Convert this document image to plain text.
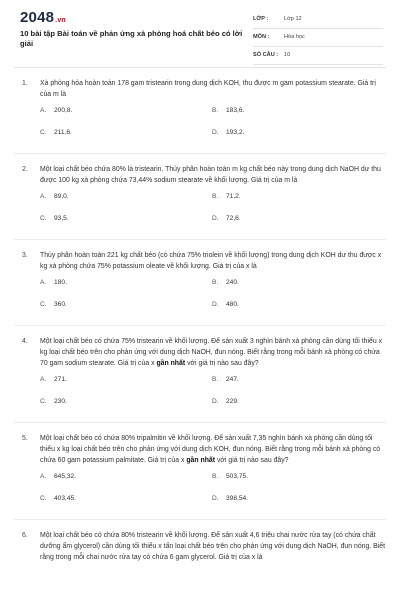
2048.vn
10 bài tập Bài toán về phản ứng xà phòng hoá chất béo có lời giải
LỚP :	Lớp 12
MÔN :	Hóa học
SỐ CÂU : 10
1. Xà phòng hóa hoàn toàn 178 gam tristearin trong dung dịch KOH, thu được m gam potassium stearate. Giá trị của m là
A. 200,8.	B. 183,6.
C. 211,6.	D. 193,2.
2. Một loại chất béo chứa 80% là tristearin. Thủy phân hoàn toàn m kg chất béo này trong dung dịch NaOH dư thu được 100 kg xà phòng chứa 73,44% sodium stearate về khối lượng. Giá trị của m là
A. 89,0.	B. 71,2.
C. 93,5.	D. 72,6.
3. Thủy phân hoàn toàn 221 kg chất béo (có chứa 75% triolein về khối lượng) trong dung dịch KOH dư thu được x kg xà phòng chứa 75% potassium oleate về khối lượng. Giá trị của x là
A. 180.	B. 240.
C. 360.	D. 480.
4. Một loại chất béo có chứa 75% tristearin về khối lượng. Để sản xuất 3 nghìn bánh xà phòng cần dùng tối thiểu x kg loại chất béo trên cho phản ứng với dung dịch NaOH, đun nóng. Biết rằng trong mỗi bánh xà phòng có chứa 70 gam sodium stearate. Giá trị của x gần nhất với giá trị nào sau đây?
A. 271.	B. 247.
C. 230.	D. 229.
5. Một loại chất béo có chứa 80% tripalmitin về khối lượng. Để sản xuất 7,35 nghìn bánh xà phòng cần dùng tối thiểu x kg loại chất béo trên cho phản ứng với dung dịch KOH, đun nóng. Biết rằng trong mỗi bánh xà phòng có chứa 60 gam potassium palmitate. Giá trị của x gần nhất với giá trị nào sau đây?
A. 645,32.	B. 503,75.
C. 403,45.	D. 398,54.
6. Một loại chất béo có chứa 80% tristearin về khối lượng. Để sản xuất 4,6 triệu chai nước rửa tay (có chứa chất dưỡng ẩm glycerol) cần dùng tối thiểu x tấn loại chất béo trên cho phản ứng với dung dịch NaOH, đun nóng. Biết rằng trong mỗi chai nước rửa tay có chứa 6 gam glycerol. Giá trị của x là
